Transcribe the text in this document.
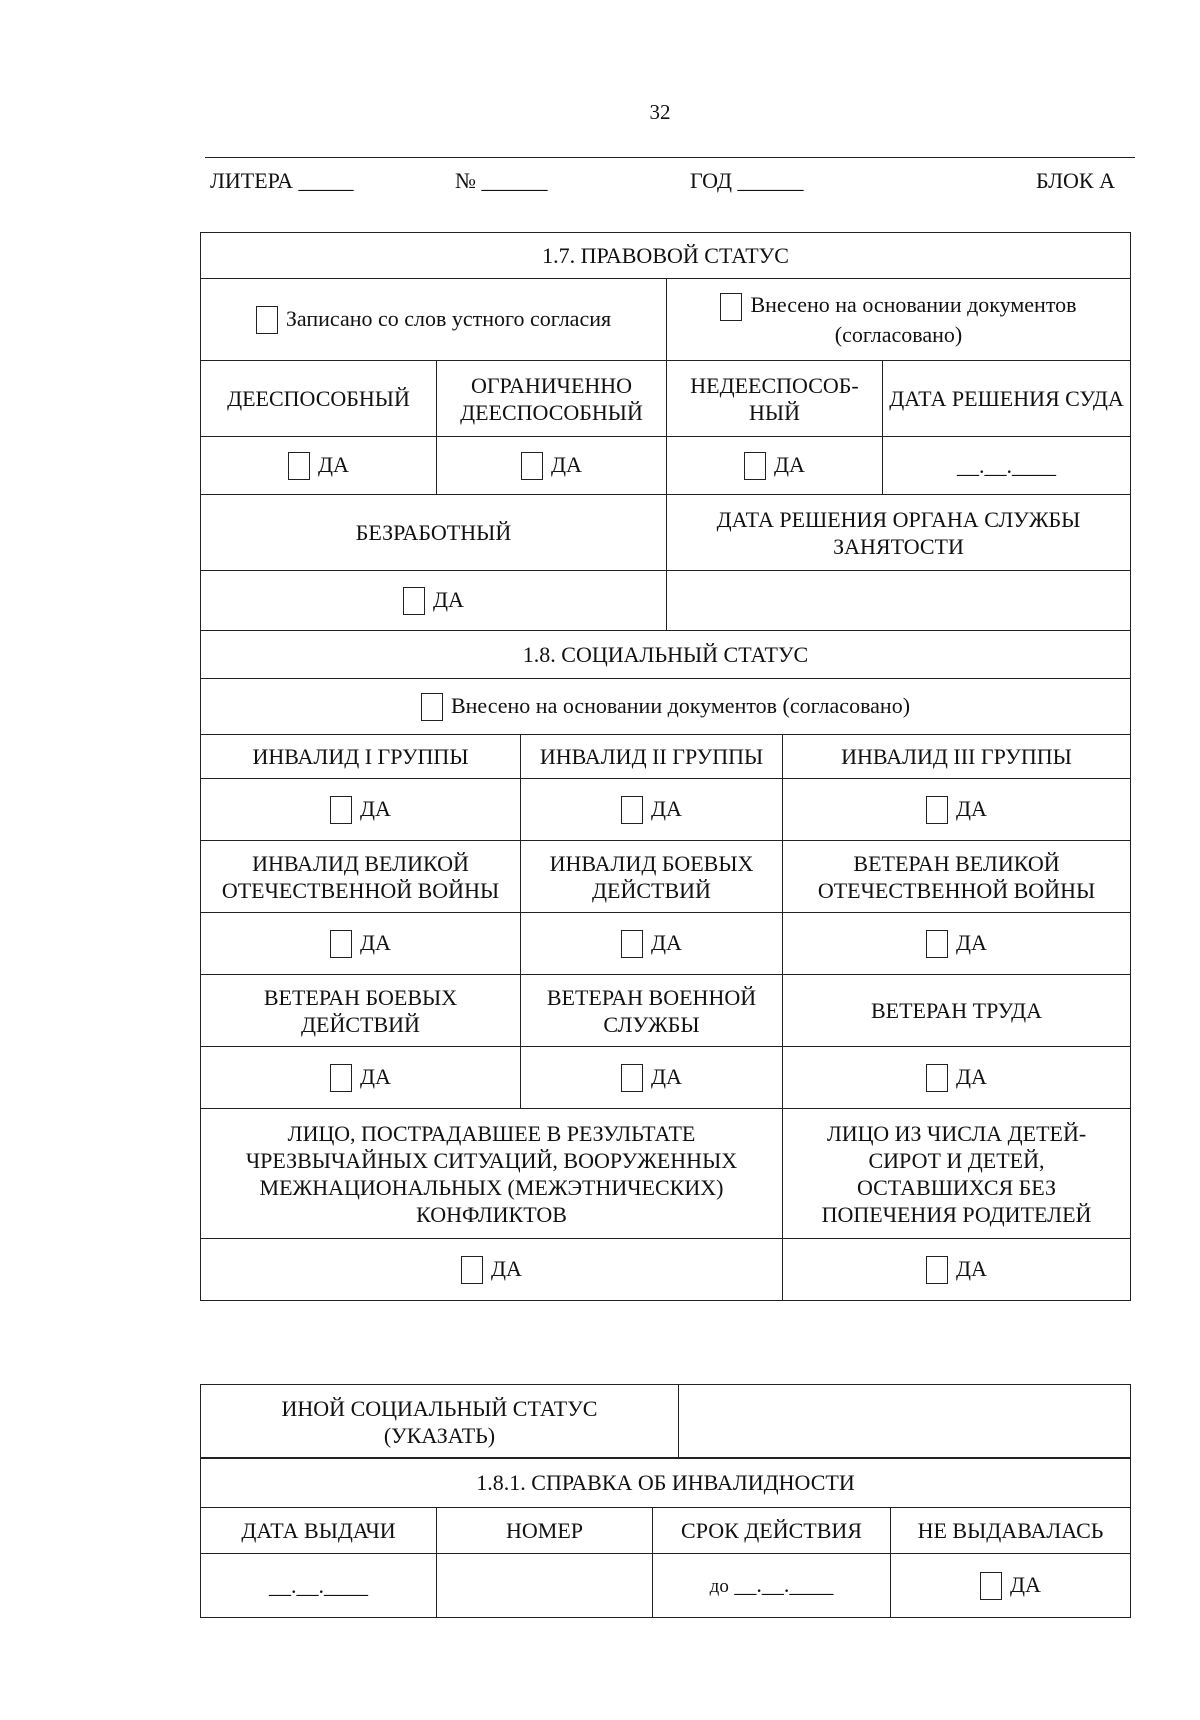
32
ЛИТЕРА _____	№ ______	ГОД ______	БЛОК А
1.7. ПРАВОВОЙ СТАТУС			
Записано со слов устного согласия		Внесено на основании документов (согласовано)	
ДЕЕСПОСОБНЫЙ	ОГРАНИЧЕННО ДЕЕСПОСОБНЫЙ	НЕДЕЕСПОСОБ-НЫЙ	ДАТА РЕШЕНИЯ СУДА
ДА	ДА	ДА	__.__.____
БЕЗРАБОТНЫЙ		ДАТА РЕШЕНИЯ ОРГАНА СЛУЖБЫ ЗАНЯТОСТИ	
ДА			
1.8. СОЦИАЛЬНЫЙ СТАТУС		
Внесено на основании документов (согласовано)		
ИНВАЛИД I ГРУППЫ	ИНВАЛИД II ГРУППЫ	ИНВАЛИД III ГРУППЫ
ДА	ДА	ДА
ИНВАЛИД ВЕЛИКОЙ ОТЕЧЕСТВЕННОЙ ВОЙНЫ	ИНВАЛИД БОЕВЫХ ДЕЙСТВИЙ	ВЕТЕРАН ВЕЛИКОЙ ОТЕЧЕСТВЕННОЙ ВОЙНЫ
ДА	ДА	ДА
ВЕТЕРАН БОЕВЫХ ДЕЙСТВИЙ	ВЕТЕРАН ВОЕННОЙ СЛУЖБЫ	ВЕТЕРАН ТРУДА
ДА	ДА	ДА
ЛИЦО, ПОСТРАДАВШЕЕ В РЕЗУЛЬТАТЕ ЧРЕЗВЫЧАЙНЫХ СИТУАЦИЙ, ВООРУЖЕННЫХ МЕЖНАЦИОНАЛЬНЫХ (МЕЖЭТНИЧЕСКИХ) КОНФЛИКТОВ		ЛИЦО ИЗ ЧИСЛА ДЕТЕЙ-СИРОТ И ДЕТЕЙ, ОСТАВШИХСЯ БЕЗ ПОПЕЧЕНИЯ РОДИТЕЛЕЙ
ДА		ДА
ИНОЙ СОЦИАЛЬНЫЙ СТАТУС (УКАЗАТЬ)	
1.8.1. СПРАВКА ОБ ИНВАЛИДНОСТИ			
ДАТА ВЫДАЧИ	НОМЕР	СРОК ДЕЙСТВИЯ	НЕ ВЫДАВАЛАСЬ
__.__.____		до __.__.____	ДА
